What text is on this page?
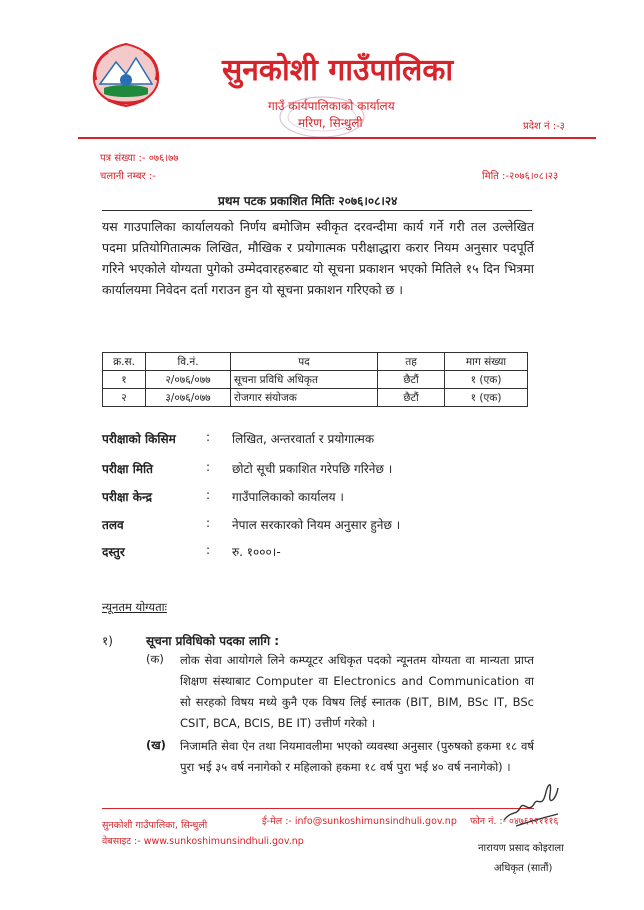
सुनकोशी गाउँपालिका
गाउँ कार्यपालिकाको कार्यालय
मरिण, सिन्धुली	प्रदेश नं :-३
पत्र संख्या :- ०७६।७७
चलानी नम्बर :-	मिति :-२०७६।०८।२३
प्रथम पटक प्रकाशित मितिः २०७६।०८।२४
यस गाउपालिका कार्यालयको निर्णय बमोजिम स्वीकृत दरवन्दीमा कार्य गर्ने गरी तल उल्लेखित पदमा प्रतियोगितात्मक लिखित, मौखिक र प्रयोगात्मक परीक्षाद्धारा करार नियम अनुसार पदपूर्ति गरिने भएकोले योग्यता पुगेको उम्मेदवारहरुबाट यो सूचना प्रकाशन भएको मितिले १५ दिन भित्रमा कार्यालयमा निवेदन दर्ता गराउन हुन यो सूचना प्रकाशन गरिएको छ ।
क्र.स.	वि.नं.	पद	तह	माग संख्या
१	२/०७६/०७७	सूचना प्रविधि अधिकृत	छैटौं	१ (एक)
२	३/०७६/०७७	रोजगार संयोजक	छैटौं	१ (एक)
परीक्षाको किसिम	: लिखित, अन्तरवार्ता र प्रयोगात्मक
परीक्षा मिति	: छोटो सूची प्रकाशित गरेपछि गरिनेछ ।
परीक्षा केन्द्र	: गाउँपालिकाको कार्यालय ।
तलव	: नेपाल सरकारको नियम अनुसार हुनेछ ।
दस्तुर	: रु. १०००।-
न्यूनतम योग्यताः
१)	सूचना प्रविधिको पदका लागि :
(क) लोक सेवा आयोगले लिने कम्प्यूटर अधिकृत पदको न्यूनतम योग्यता वा मान्यता प्राप्त शिक्षण संस्थाबाट Computer वा Electronics and Communication वा सो सरहको विषय मध्ये कुनै एक विषय लिई स्नातक (BIT, BIM, BSc IT, BSc CSIT, BCA, BCIS, BE IT) उत्तीर्ण गरेको ।
(ख) निजामति सेवा ऐन तथा नियमावलीमा भएको व्यवस्था अनुसार (पुरुषको हकमा १८ वर्ष पुरा भई ३५ वर्ष ननागेको र महिलाको हकमा १८ वर्ष पुरा भई ४० वर्ष ननागेको) ।
सुनकोशी गाउँपालिका, सिन्धुली	ई-मेल :- info@sunkoshimunsindhuli.gov.np
वेबसाइट :- www.sunkoshimunsindhuli.gov.np
फोन नं. :- ०४७६९२१११६
नारायण प्रसाद कोइराला
अधिकृत (सातौं)
